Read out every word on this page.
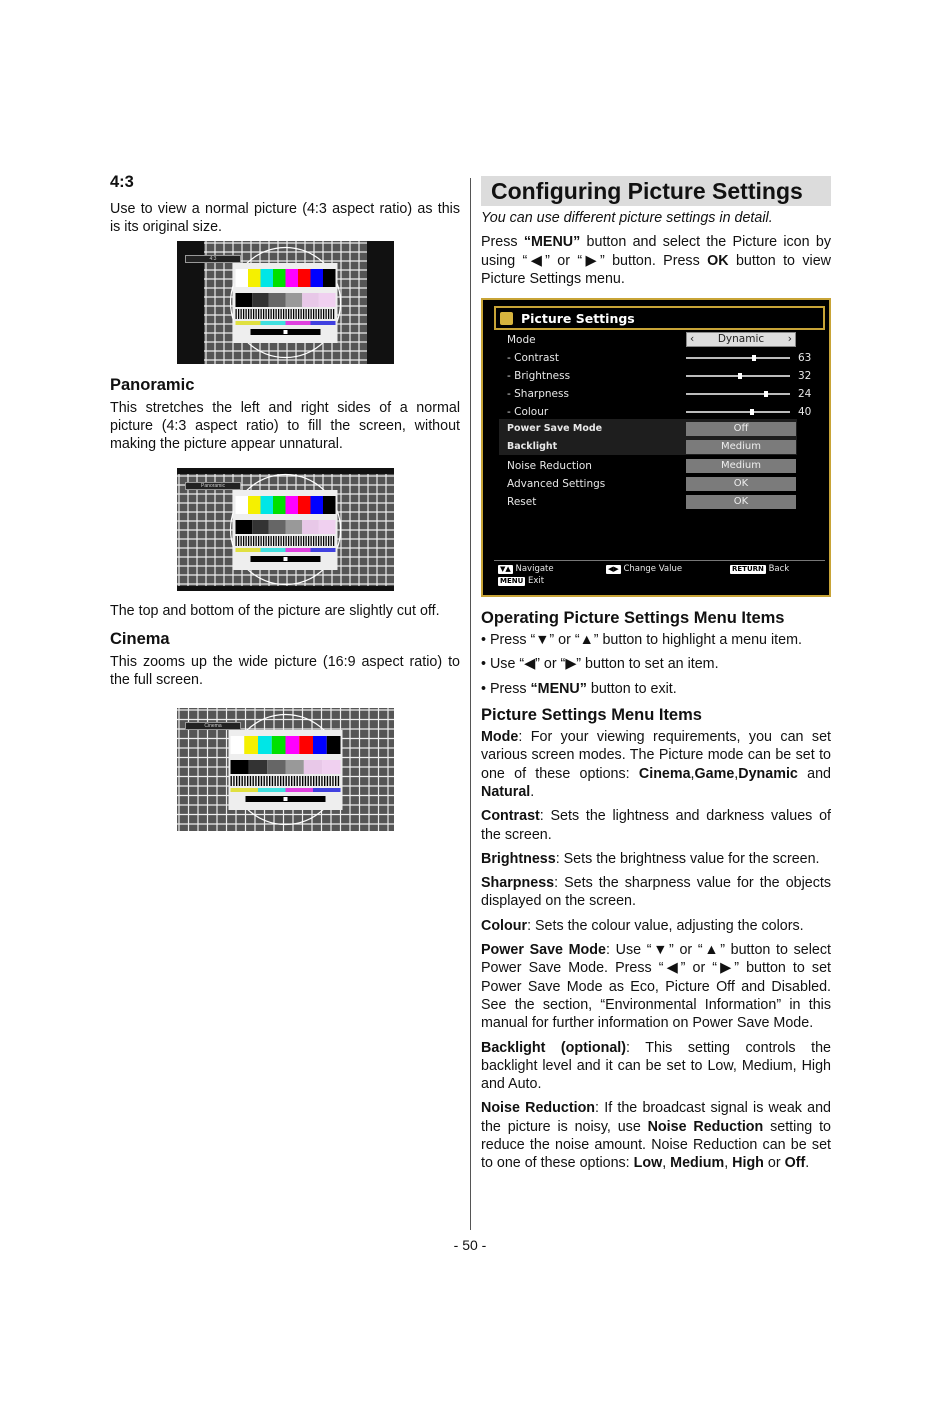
4:3

Use to view a normal picture (4:3 aspect ratio) as this is its original size.

4:3
Panoramic

This stretches the left and right sides of a normal picture (4:3 aspect ratio) to fill the screen, without making the picture appear unnatural.

Panoramic

The top and bottom of the picture are slightly cut off.

Cinema

This zooms up the wide picture (16:9 aspect ratio) to the full screen.

Cinema
Configuring Picture Settings

You can use different picture settings in detail.

Press “MENU” button and select the Picture icon by using “◀” or “▶” button. Press OK button to view Picture Settings menu.

Picture Settings
Mode	‹ Dynamic ›
- Contrast	63
- Brightness	32
- Sharpness	24
- Colour	40
Power Save Mode	Off
Backlight	Medium
Noise Reduction	Medium
Advanced Settings	OK
Reset	OK
▼▲ Navigate
MENU Exit
◀▶ Change Value	RETURN Back
Operating Picture Settings Menu Items
• Press “▼” or “▲” button to highlight a menu item.
• Use “◀” or “▶” button to set an item.
• Press “MENU” button to exit.
Picture Settings Menu Items

Mode: For your viewing requirements, you can set various screen modes. The Picture mode can be set to one of these options: Cinema,Game,Dynamic and Natural.

Contrast: Sets the lightness and darkness values of the screen.

Brightness: Sets the brightness value for the screen.

Sharpness: Sets the sharpness value for the objects displayed on the screen.

Colour: Sets the colour value, adjusting the colors.

Power Save Mode: Use “▼” or “▲” button to select Power Save Mode. Press “◀” or “▶” button to set Power Save Mode as Eco, Picture Off and Disabled. See the section, “Environmental Information” in this manual for further information on Power Save Mode.

Backlight (optional): This setting controls the backlight level and it can be set to Low, Medium, High and Auto.

Noise Reduction: If the broadcast signal is weak and the picture is noisy, use Noise Reduction setting to reduce the noise amount. Noise Reduction can be set to one of these options: Low, Medium, High or Off.

- 50 -
